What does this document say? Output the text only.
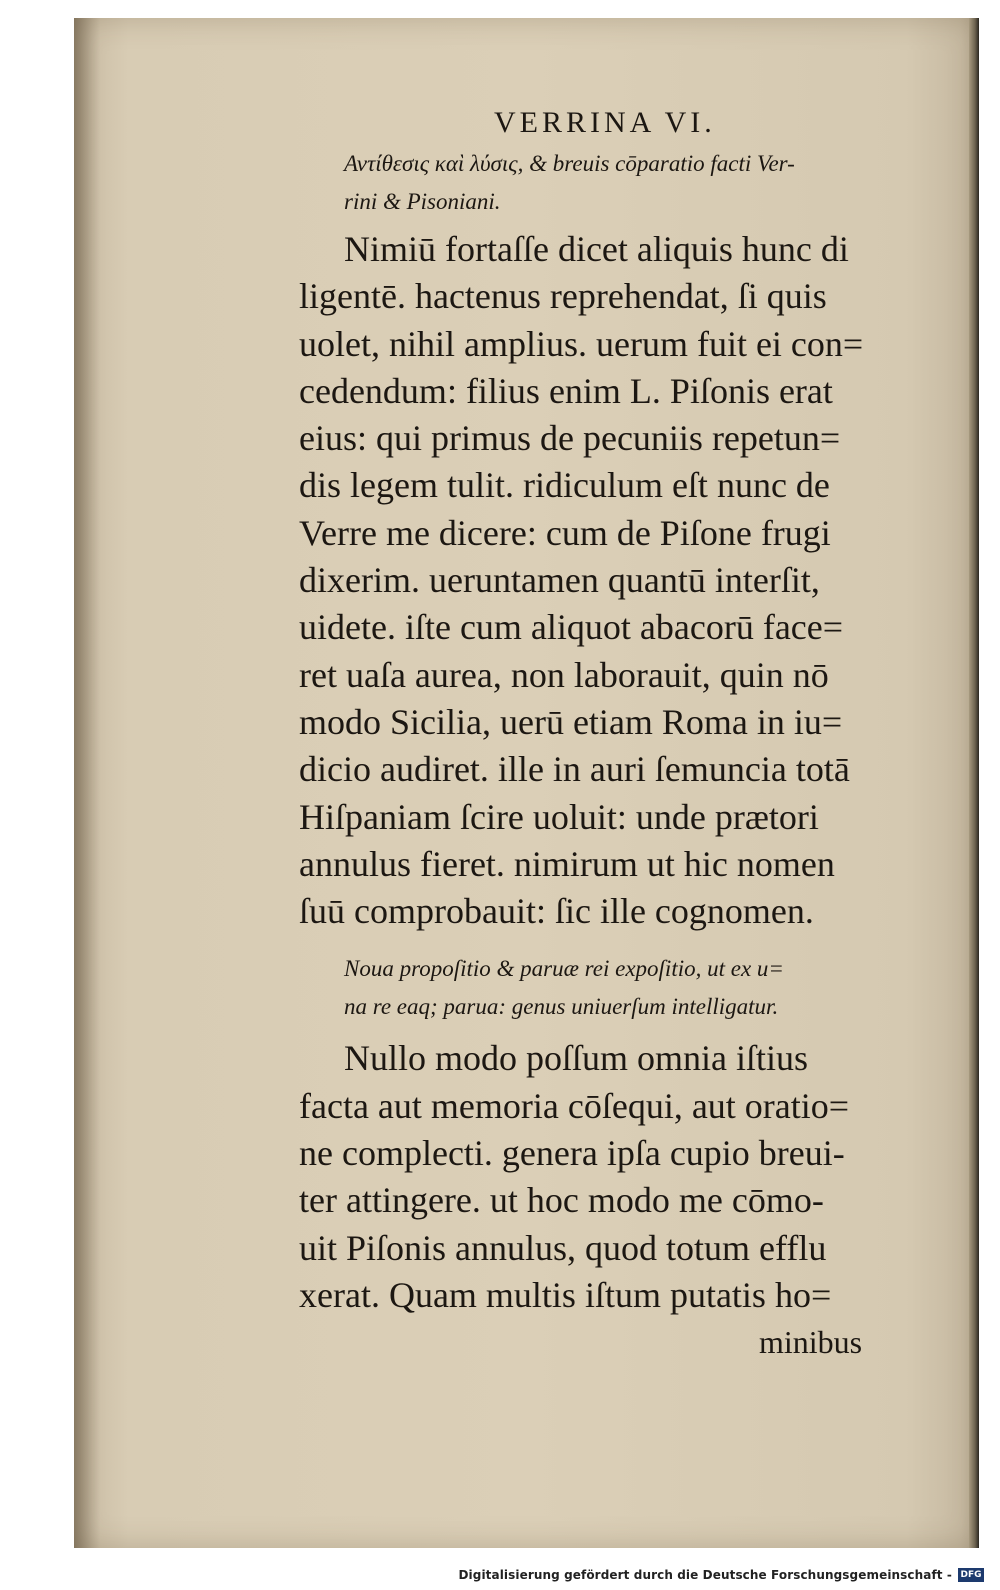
VERRINA VI.
Αντίθεσις καὶ λύσις, & breuis cōparatio facti Ver-
rini & Pisoniani.
Nimiū fortaſſe dicet aliquis hunc di
ligentē. hactenus reprehendat, ſi quis
uolet, nihil amplius. uerum fuit ei con=
cedendum: filius enim L. Piſonis erat
eius: qui primus de pecuniis repetun=
dis legem tulit. ridiculum eſt nunc de
Verre me dicere: cum de Piſone frugi
dixerim. ueruntamen quantū interſit,
uidete. iſte cum aliquot abacorū face=
ret uaſa aurea, non laborauit, quin nō
modo Sicilia, uerū etiam Roma in iu=
dicio audiret. ille in auri ſemuncia totā
Hiſpaniam ſcire uoluit: unde prætori
annulus fieret. nimirum ut hic nomen
ſuū comprobauit: ſic ille cognomen.
Noua propoſitio & paruæ rei expoſitio, ut ex u=
na re eaq; parua: genus uniuerſum intelligatur.
Nullo modo poſſum omnia iſtius
facta aut memoria cōſequi, aut oratio=
ne complecti. genera ipſa cupio breui-
ter attingere. ut hoc modo me cōmo-
uit Piſonis annulus, quod totum efflu
xerat. Quam multis iſtum putatis ho=
minibus
Digitalisierung gefördert durch die Deutsche Forschungsgemeinschaft - DFG
